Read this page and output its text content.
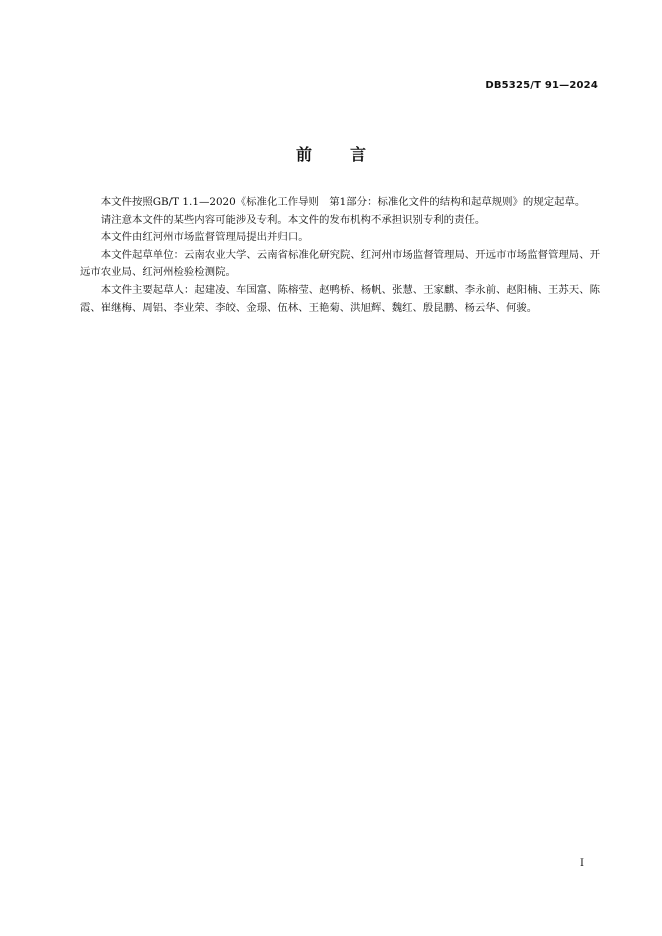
DB5325/T 91—2024
前 言

本文件按照GB/T 1.1—2020《标准化工作导则　第1部分：标准化文件的结构和起草规则》的规定起草。

请注意本文件的某些内容可能涉及专利。本文件的发布机构不承担识别专利的责任。

本文件由红河州市场监督管理局提出并归口。

本文件起草单位：云南农业大学、云南省标准化研究院、红河州市场监督管理局、开远市市场监督管理局、开远市农业局、红河州检验检测院。

本文件主要起草人：起建凌、车国富、陈榕莹、赵鸭桥、杨帆、张慧、王家麒、李永前、赵阳楠、王苏天、陈霞、崔继梅、周铝、李业荣、李皎、金璟、伍林、王艳菊、洪旭辉、魏红、殷昆鹏、杨云华、何骏。

I
